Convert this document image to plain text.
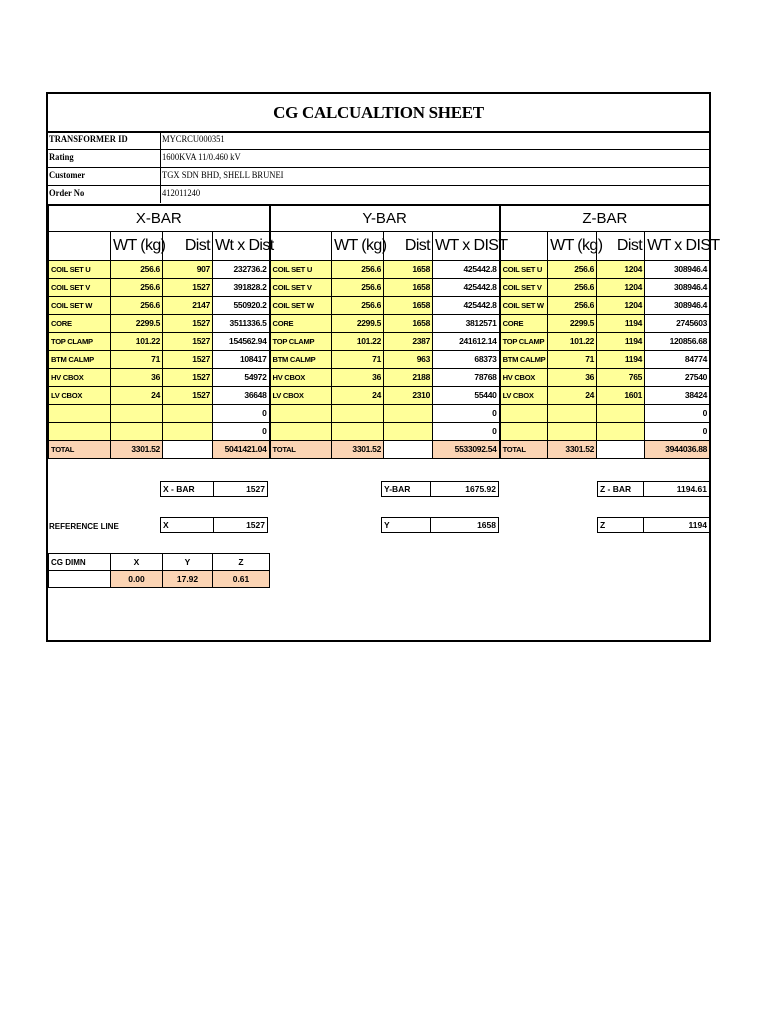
CG CALCUALTION SHEET
TRANSFORMER ID	MYCRCU000351
Rating	1600KVA 11/0.460 kV
Customer	TGX SDN BHD, SHELL BRUNEI
Order No	412011240
X-BAR				Y-BAR				Z-BAR			
	WT (kg)	Dist	Wt x Dist		WT (kg)	Dist	WT x DIST		WT (kg)	Dist	WT x DIST
COIL SET U	256.6	907	232736.2	COIL SET U	256.6	1658	425442.8	COIL SET U	256.6	1204	308946.4
COIL SET V	256.6	1527	391828.2	COIL SET V	256.6	1658	425442.8	COIL SET V	256.6	1204	308946.4
COIL SET W	256.6	2147	550920.2	COIL SET W	256.6	1658	425442.8	COIL SET W	256.6	1204	308946.4
CORE	2299.5	1527	3511336.5	CORE	2299.5	1658	3812571	CORE	2299.5	1194	2745603
TOP CLAMP	101.22	1527	154562.94	TOP CLAMP	101.22	2387	241612.14	TOP CLAMP	101.22	1194	120856.68
BTM CALMP	71	1527	108417	BTM CALMP	71	963	68373	BTM CALMP	71	1194	84774
HV CBOX	36	1527	54972	HV CBOX	36	2188	78768	HV CBOX	36	765	27540
LV CBOX	24	1527	36648	LV CBOX	24	2310	55440	LV CBOX	24	1601	38424
			0				0				0
			0				0				0
TOTAL	3301.52		5041421.04	TOTAL	3301.52		5533092.54	TOTAL	3301.52		3944036.88
X - BAR	1527	Y-BAR	1675.92	Z - BAR	1194.61
REFERENCE LINE	X	1527	Y	1658	Z	1194
CG DIMN	X	Y	Z
	0.00	17.92	0.61
